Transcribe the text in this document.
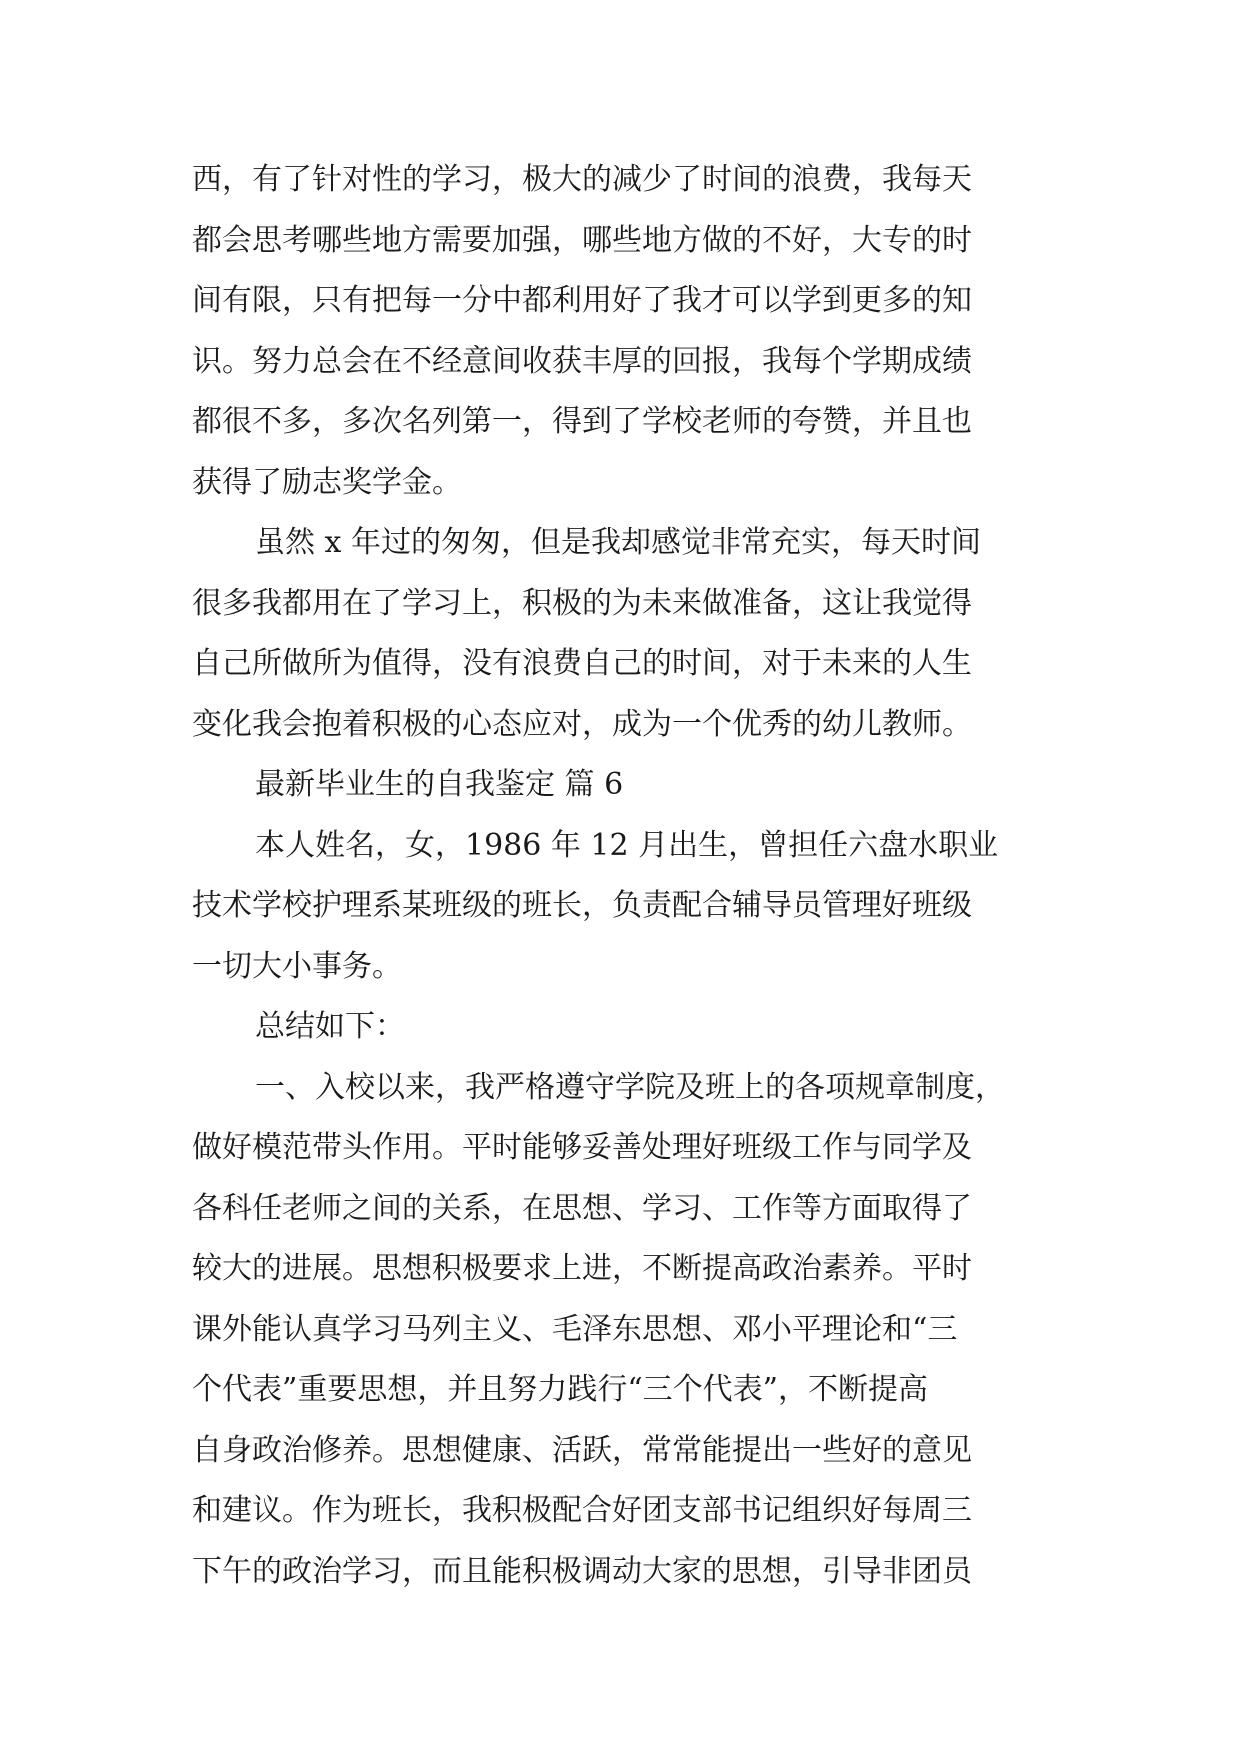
西，有了针对性的学习，极大的减少了时间的浪费，我每天
都会思考哪些地方需要加强，哪些地方做的不好，大专的时
间有限，只有把每一分中都利用好了我才可以学到更多的知
识。努力总会在不经意间收获丰厚的回报，我每个学期成绩
都很不多，多次名列第一，得到了学校老师的夸赞，并且也
获得了励志奖学金。
虽然 x 年过的匆匆，但是我却感觉非常充实，每天时间
很多我都用在了学习上，积极的为未来做准备，这让我觉得
自己所做所为值得，没有浪费自己的时间，对于未来的人生
变化我会抱着积极的心态应对，成为一个优秀的幼儿教师。
最新毕业生的自我鉴定 篇 6
本人姓名，女，1986 年 12 月出生，曾担任六盘水职业
技术学校护理系某班级的班长，负责配合辅导员管理好班级
一切大小事务。
总结如下：
一、入校以来，我严格遵守学院及班上的各项规章制度，
做好模范带头作用。平时能够妥善处理好班级工作与同学及
各科任老师之间的关系，在思想、学习、工作等方面取得了
较大的进展。思想积极要求上进，不断提高政治素养。平时
课外能认真学习马列主义、毛泽东思想、邓小平理论和“三
个代表”重要思想，并且努力践行“三个代表”，不断提高
自身政治修养。思想健康、活跃，常常能提出一些好的意见
和建议。作为班长，我积极配合好团支部书记组织好每周三
下午的政治学习，而且能积极调动大家的思想，引导非团员
